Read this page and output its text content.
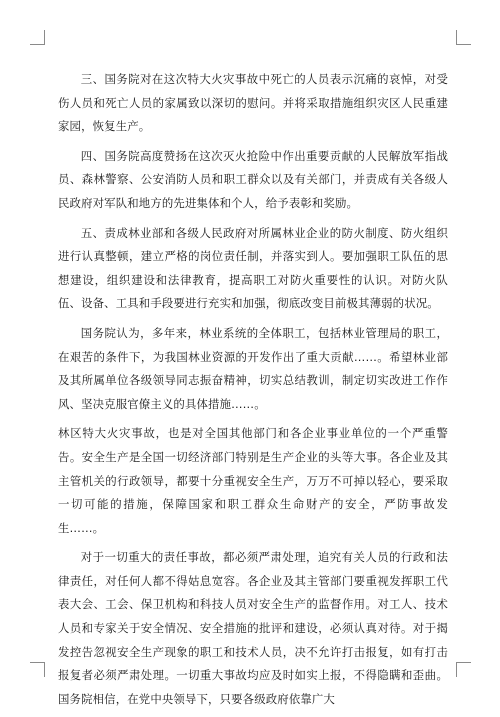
三、国务院对在这次特大火灾事故中死亡的人员表示沉痛的哀悼，对受伤人员和死亡人员的家属致以深切的慰问。并将采取措施组织灾区人民重建家园，恢复生产。

四、国务院高度赞扬在这次灭火抢险中作出重要贡献的人民解放军指战员、森林警察、公安消防人员和职工群众以及有关部门，并责成有关各级人民政府对军队和地方的先进集体和个人，给予表彰和奖励。

五、责成林业部和各级人民政府对所属林业企业的防火制度、防火组织进行认真整顿，建立严格的岗位责任制，并落实到人。要加强职工队伍的思想建设，组织建设和法律教育，提高职工对防火重要性的认识。对防火队伍、设备、工具和手段要进行充实和加强，彻底改变目前极其薄弱的状况。

国务院认为，多年来，林业系统的全体职工，包括林业管理局的职工，在艰苦的条件下，为我国林业资源的开发作出了重大贡献……。希望林业部及其所属单位各级领导同志振奋精神，切实总结教训，制定切实改进工作作风、坚决克服官僚主义的具体措施……。

林区特大火灾事故，也是对全国其他部门和各企业事业单位的一个严重警告。安全生产是全国一切经济部门特别是生产企业的头等大事。各企业及其主管机关的行政领导，都要十分重视安全生产，万万不可掉以轻心，要采取一切可能的措施，保障国家和职工群众生命财产的安全，严防事故发生……。

对于一切重大的责任事故，都必须严肃处理，追究有关人员的行政和法律责任，对任何人都不得姑息宽容。各企业及其主管部门要重视发挥职工代表大会、工会、保卫机构和科技人员对安全生产的监督作用。对工人、技术人员和专家关于安全情况、安全措施的批评和建设，必须认真对待。对于揭发控告忽视安全生产现象的职工和技术人员，决不允许打击报复，如有打击报复者必须严肃处理。一切重大事故均应及时如实上报，不得隐瞒和歪曲。国务院相信，在党中央领导下，只要各级政府依靠广大
